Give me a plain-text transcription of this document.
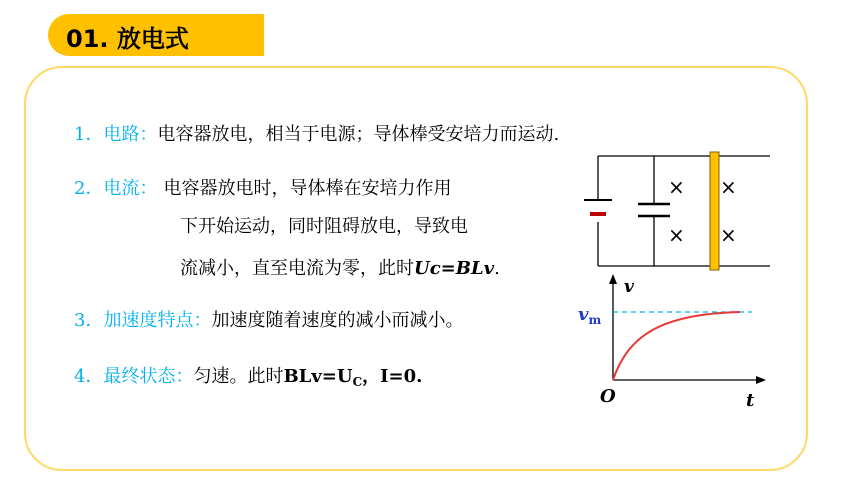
01. 放电式
1．电路：电容器放电，相当于电源；导体棒受安培力而运动.
2．电流： 电容器放电时，导体棒在安培力作用
下开始运动，同时阻碍放电，导致电
流减小，直至电流为零，此时Uc=BLv.
3．加速度特点：加速度随着速度的减小而减小。
4．最终状态：匀速。此时$BLv=U_C$，I=0.
× ×
× ×
v
t
O
$v_m$
